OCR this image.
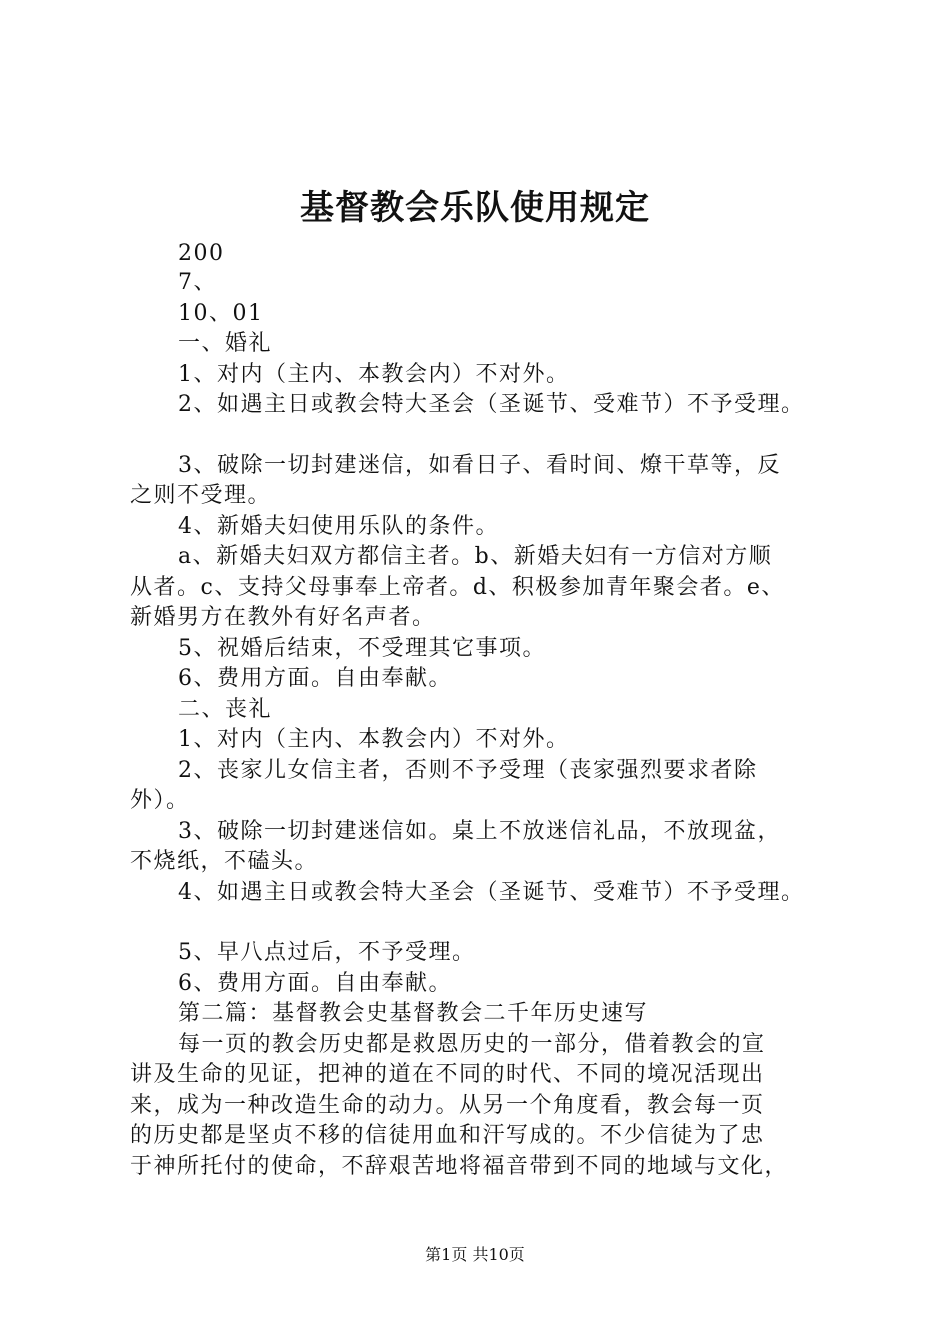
基督教会乐队使用规定
200
7、
10、01
一、婚礼
1、对内（主内、本教会内）不对外。
2、如遇主日或教会特大圣会（圣诞节、受难节）不予受理。
3、破除一切封建迷信，如看日子、看时间、燎干草等，反
之则不受理。
4、新婚夫妇使用乐队的条件。
a、新婚夫妇双方都信主者。b、新婚夫妇有一方信对方顺
从者。c、支持父母事奉上帝者。d、积极参加青年聚会者。e、
新婚男方在教外有好名声者。
5、祝婚后结束，不受理其它事项。
6、费用方面。自由奉献。
二、丧礼
1、对内（主内、本教会内）不对外。
2、丧家儿女信主者，否则不予受理（丧家强烈要求者除
外）。
3、破除一切封建迷信如。桌上不放迷信礼品，不放现盆，
不烧纸，不磕头。
4、如遇主日或教会特大圣会（圣诞节、受难节）不予受理。
5、早八点过后，不予受理。
6、费用方面。自由奉献。
第二篇：基督教会史基督教会二千年历史速写
每一页的教会历史都是救恩历史的一部分，借着教会的宣
讲及生命的见证，把神的道在不同的时代、不同的境况活现出
来，成为一种改造生命的动力。从另一个角度看，教会每一页
的历史都是坚贞不移的信徒用血和汗写成的。不少信徒为了忠
于神所托付的使命，不辞艰苦地将福音带到不同的地域与文化，
第1页 共10页
